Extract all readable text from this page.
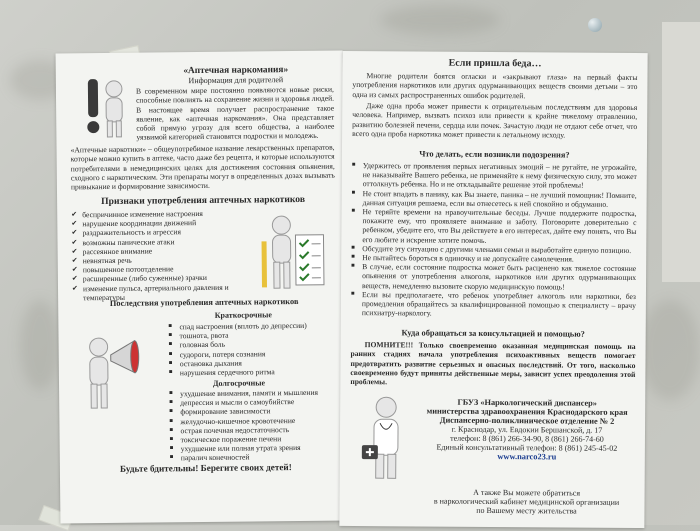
«Аптечная наркомания»

Информация для родителей

В современном мире постоянно появляются новые риски, способные повлиять на сохранение жизни и здоровья людей. В настоящее время получает распространение такое явление, как «аптечная наркомания». Она представляет собой прямую угрозу для всего общества, а наиболее уязвимой категорией становятся подростки и молодежь.

«Аптечные наркотики» – общеупотребимое название лекарственных препаратов, которые можно купить в аптеке, часто даже без рецепта, и которые используются потребителями в немедицинских целях для достижения состояния опьянения, сходного с наркотическим. Эти препараты могут в определенных дозах вызывать привыкание и формирование зависимости.

Признаки употребления аптечных наркотиков

✔ беспричинное изменение настроения
✔ нарушение координации движений
✔ раздражительность и агрессия
✔ возможны панические атаки
✔ рассеянное внимание
✔ невнятная речь
✔ повышенное потоотделение
✔ расширенные (либо суженные) зрачки
✔ изменение пульса, артериального давления и температуры

Последствия употребления аптечных наркотиков

Краткосрочные

■ спад настроения (вплоть до депрессии)
■ тошнота, рвота
■ головная боль
■ судороги, потеря сознания
■ остановка дыхания
■ нарушения сердечного ритма

Долгосрочные

■ ухудшение внимания, памяти и мышления
■ депрессия и мысли о самоубийстве
■ формирование зависимости
■ желудочно-кишечное кровотечение
■ острая почечная недостаточность
■ токсическое поражение печени
■ ухудшение или полная утрата зрения
■ паралич конечностей

Будьте бдительны! Берегите своих детей!

Если пришла беда…

Многие родители боятся огласки и «закрывают глаза» на первый факты употребления наркотиков или других одурманивающих веществ своими детьми – это одна из самых распространенных ошибок родителей.

Даже одна проба может привести к отрицательным последствиям для здоровья человека. Например, вызвать психоз или привести к крайне тяжелому отравлению, развитию болезней печени, сердца или почек. Зачастую люди не отдают себе отчет, что всего одна проба наркотика может привести к летальному исходу.

Что делать, если возникли подозрения?

■ Удержитесь от проявления первых негативных эмоций – не ругайте, не угрожайте, не наказывайте Вашего ребенка, не применяйте к нему физическую силу, это может оттолкнуть ребенка. Но и не откладывайте решение этой проблемы!
■ Не стоит впадать в панику, как Вы знаете, паника – не лучший помощник! Помните, данная ситуация решаема, если вы отнесетесь к ней спокойно и обдуманно.
■ Не теряйте времени на нравоучительные беседы. Лучше поддержите подростка, покажите ему, что проявляете внимание и заботу. Поговорите доверительно с ребенком, убедите его, что Вы действуете в его интересах, дайте ему понять, что Вы его любите и искренне хотите помочь.
■ Обсудите эту ситуацию с другими членами семьи и выработайте единую позицию.
■ Не пытайтесь бороться в одиночку и не допускайте самолечения.
■ В случае, если состояние подростка может быть расценено как тяжелое состояние опьянения от употребления алкоголя, наркотиков или других одурманивающих веществ, немедленно вызовите скорую медицинскую помощь!
■ Если вы предполагаете, что ребенок употребляет алкоголь или наркотики, без промедления обращайтесь за квалифицированной помощью к специалисту – врачу психиатру-наркологу.

Куда обращаться за консультацией и помощью?

ПОМНИТЕ!!! Только своевременно оказанная медицинская помощь на ранних стадиях начала употребления психоактивных веществ помогает предотвратить развитие серьезных и опасных последствий. От того, насколько своевременно будут приняты действенные меры, зависит успех преодоления этой проблемы.

ГБУЗ «Наркологический диспансер»

министерства здравоохранения Краснодарского края

Диспансерно-поликлиническое отделение № 2

г. Краснодар, ул. Евдокии Бершанской, д. 17

телефон: 8 (861) 266-34-90, 8 (861) 266-74-60

Единый консультативный телефон: 8 (861) 245-45-02

www.narco23.ru

А также Вы можете обратиться

в наркологический кабинет медицинской организации

по Вашему месту жительства
